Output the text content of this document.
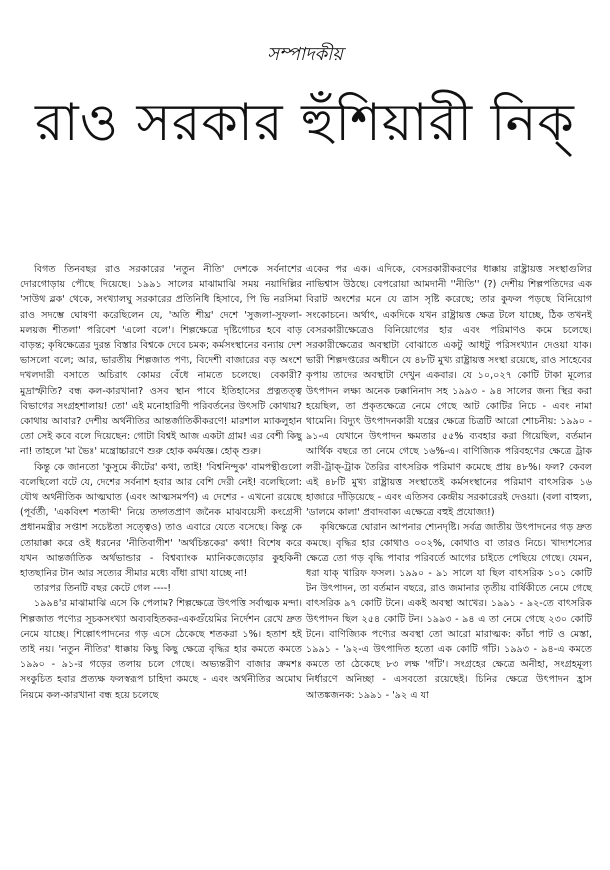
সম্পাদকীয়
রাও সরকার হুঁশিয়ারী নিক্

বিগত তিনবছর রাও সরকারের 'নতুন নীতি' দেশকে সর্বনাশের দোরগোড়ায় পৌছে দিয়েছে। ১৯৯১ সালের মাঝামাঝি সময় নয়াদিল্লির 'সাউথ ব্লক' থেকে, সংখ্যালঘু সরকারের প্রতিনিধি হিসাবে, পি ভি নরসিমা রাও সদম্ভে ঘোষণা করেছিলেন যে, 'অতি শীঘ্র' দেশে 'সুজলা-সুফলা-মলয়জ শীতলা' পরিবেশ 'এলো বলে'। শিল্পক্ষেত্রে দৃষ্টিগোচর হবে বাড় বাড়ন্ত; কৃষিক্ষেত্রের দুরন্ত বিস্তার বিশ্বকে দেবে চমক; কর্মসংস্থানের বন্যায় দেশ ভাসলো বলে; আর, ভারতীয় শিল্পজাত পণ্য, বিদেশী বাজারের বড় অংশে দখলদারী বসাতে অচিরাৎ কোমর বেঁধে নামতে চলেছে। বেকারী? মুদ্রাস্ফীতি? বন্ধ কল-কারখানা? ওসব স্থান পাবে ইতিহাসের প্রত্নতত্ত্ব বিভাগের সংগ্রহশালায়! তো' এই মনোহারিণী পরিবর্তনের উৎসটি কোথায়? কোথায় আবার? দেশীয় অর্থনীতির আন্তর্জাতিকীকরণে! মারশাল ম্যাকলুহান তো সেই কবে বলে দিয়েছেন: গোটা বিশ্বই আজ একটা গ্রাম! এর বেশী কিছু না! তাহলে 'মা ভৈঃ' মন্ত্রোচ্চারণে শুরু হোক কর্মযজ্ঞ। হোক্ শুরু।

কিন্তু কে জানতো 'কুসুমে কীটের' কথা, তাই! 'বিশ্বনিন্দুক' বামপন্থীগুলো বলেছিলো বটে যে, দেশের সর্বনাশ হবার আর বেশি দেরী নেই! বলেছিলো: যৌথ অর্থনীতিক আত্মঘাত (এবং আত্মসমর্পণ) এ দেশের - এখনো রয়েছে (পূর্বৰ্তী, 'একবিংশ শতাব্দী' নিয়ে তদ্গতপ্রাণ জনৈক মাঝবয়েসী কংগ্রেসী প্রধানমন্ত্রীর সপ্তাশ সচেষ্টতা সত্ত্বেও) তাও এবারে যেতে বসেছে। কিন্তু কে তোয়াক্কা করে ওই ধরনের 'নীতিবাগীশ' 'অর্থচিন্তকের' কথা! বিশেষ করে যখন আন্তর্জাতিক অর্থভান্ডার - বিশ্বব্যাংক ম্যানিকজেড়োর কুহকিনী হাতছানির টান আর সত্যের সীমার মধ্যে বাঁধা রাখা যাচ্ছে না!

তারপর তিনটি বছর কেটে গেল ----!

১৯৯৪'র মাঝামাঝি এসে কি পেলাম? শিল্পক্ষেত্রে উৎপত্তি সর্বাত্মক মন্দা। শিল্পজাত পণ্যের সূচকসংখ্যা অব্যবহিতকর-একগুঁয়েমির নির্দেশন রেখে দ্রুত নেমে যাচ্ছে। শিল্পোৎপাদনের গড় এসে ঠেকেছে শতকরা ১%। হতাশ হই তাই নয়। 'নতুন নীতির' ধাক্কায় কিছু কিছু ক্ষেত্রে বৃদ্ধির হার কমতে কমতে ১৯৯০ - ৯১-র গড়ের তলায় চলে গেছে। অভ্যন্তরীণ বাজার ক্রমশঃ সংকুচিত হবার প্রত্যক্ষ ফলস্বরূপ চাহিদা কমছে - এবং অর্থনীতির অমোঘ নিয়মে কল-কারখানা বন্ধ হয়ে চলেছে

একের পর এক। এদিকে, বেসরকারীকরণের ধাক্কায় রাষ্ট্রায়ত্ত সংস্থাগুলির নাভিশ্বাস উঠছে। বেপরোয়া আমদানী ''নীতি'' (?) দেশীয় শিল্পপতিদের এক বিরাট অংশের মনে যে ত্রাস সৃষ্টি করেছে; তার কুফল পড়ছে বিনিয়োগ সংকোচনে। অর্থাৎ, একদিকে যখন রাষ্ট্রায়ত্ত ক্ষেত্র টলে যাচ্ছে, ঠিক তখনই বেসরকারীক্ষেত্রেও বিনিয়োগের হার এবং পরিমাণও কমে চলেছে। সরকারীক্ষেত্রের অবস্থাটা বোঝাতে একটু আধটু পরিসংখ্যান দেওয়া যাক। ভারী শিল্পদপ্তরের অধীনে যে ৪৮টি মুখ্য রাষ্ট্রায়ত্ত সংস্থা রয়েছে, রাও সাহেবের কৃপায় তাদের অবস্থাটা দেখুন একবার। যে ১০,০২৭ কোটি টাকা মূল্যের উৎপাদন লক্ষ্য অনেক ঢক্কানিনাদ সহ ১৯৯৩ - ৯৪ সালের জন্য স্থির করা হয়েছিল, তা প্রকৃতক্ষেত্রে নেমে গেছে আট কোটির নিচে - এবং নামা থামেনি। বিদ্যুৎ উৎপাদনকারী যন্ত্রের ক্ষেত্রে চিত্রটি আরো শোচনীয়: ১৯৯০ - ৯১-এ যেখানে উৎপাদন ক্ষমতার ৫৫% ব্যবহার করা গিয়েছিল, বর্তমান আর্থিক বছরে তা নেমে গেছে ১৬%-এ। বাণিজ্যিক পরিবহণের ক্ষেত্রে ট্রাক লরী-ট্রাক্-ট্রাক তৈরির বাৎসরিক পরিমাণ কমেছে প্রায় ৪৮%। ফল? কেবল এই ৪৮টি মুখ্য রাষ্ট্রায়ত্ত সংস্থাতেই কর্মসংস্থানের পরিমাণ বাৎসরিক ১৬ হাজারে দাঁড়িয়েছে - এবং এতিসব কেন্দ্রীয় সরকারেরই দেওয়া। (বলা বাহুল্য, 'ডালমে কালা' প্রবাদবাক্য এক্ষেত্রে বহুই প্রযোজ্য!)

কৃষিক্ষেত্রে ঘোরান আপনার শ্যেনদৃষ্টি। সর্বত্র জাতীয় উৎপাদনের গড় দ্রুত কমছে। বৃদ্ধির হার কোথাও ০০২%, কোথাও বা তারও নিচে। খাদ্যশস্যের ক্ষেত্রে তো গড় বৃদ্ধি পাবার পরিবর্তে আগের চাইতে পেছিয়ে গেছে। যেমন, ধরা যাক্ খারিফ ফসল। ১৯৯০ - ৯১ সালে যা ছিল বাৎসরিক ১০১ কোটি টন উৎপাদন, তা বর্তমান বছরে, রাও জমানার তৃতীয় বার্ষিকীতে নেমে গেছে বাৎসরিক ৯৭ কোটি টনে। একই অবস্থা আখের। ১৯৯১ - ৯২-তে বাৎসরিক উৎপাদন ছিল ২৫৪ কোটি টন। ১৯৯৩ - ৯৪ এ তা নেমে গেছে ২৩০ কোটি টনে। বাণিজ্যিক পণ্যের অবস্থা তো আরো মারাত্মক: কাঁচা পাট ও মেস্তা, ১৯৯১ - '৯২-এ উৎপাদিত হতো এক কোটি গাঁট। ১৯৯৩ - ৯৪-এ কমতে কমতে তা ঠেকেছে ৮৩ লক্ষ 'গাঁট'। সংগ্রহের ক্ষেত্রে অনীহা, সংগ্রহমূল্য নির্ধারণে অনিচ্ছা - এসবতো রয়েছেই। চিনির ক্ষেত্রে উৎপাদন হ্রাস আতঙ্কজনক: ১৯৯১ - '৯২ এ যা
